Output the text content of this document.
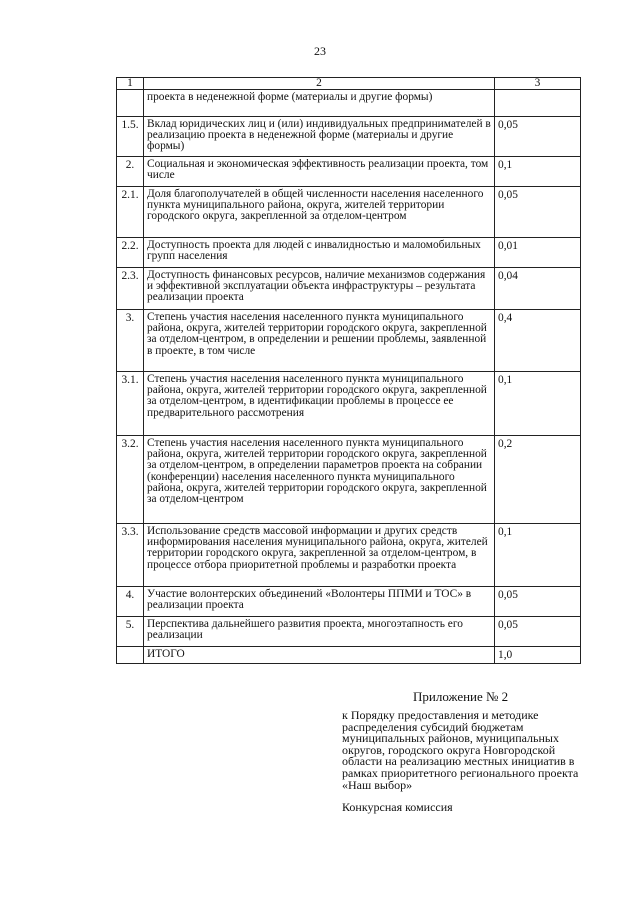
23
1	2	3
	проекта в неденежной форме (материалы и другие формы)	
1.5.	Вклад юридических лиц и (или) индивидуальных предпринимателей в реализацию проекта в неденежной форме (материалы и другие формы)	0,05
2.	Социальная и экономическая эффективность реализации проекта, том числе	0,1
2.1.	Доля благополучателей в общей численности населения населенного пункта муниципального района, округа, жителей территории городского округа, закрепленной за отделом-центром	0,05
2.2.	Доступность проекта для людей с инвалидностью и маломобильных групп населения	0,01
2.3.	Доступность финансовых ресурсов, наличие механизмов содержания и эффективной эксплуатации объекта инфраструктуры – результата реализации проекта	0,04
3.	Степень участия населения населенного пункта муниципального района, округа, жителей территории городского округа, закрепленной за отделом-центром, в определении и решении проблемы, заявленной в проекте, в том числе	0,4
3.1.	Степень участия населения населенного пункта муниципального района, округа, жителей территории городского округа, закрепленной за отделом-центром, в идентификации проблемы в процессе ее предварительного рассмотрения	0,1
3.2.	Степень участия населения населенного пункта муниципального района, округа, жителей территории городского округа, закрепленной за отделом-центром, в определении параметров проекта на собрании (конференции) населения населенного пункта муниципального района, округа, жителей территории городского округа, закрепленной за отделом-центром	0,2
3.3.	Использование средств массовой информации и других средств информирования населения муниципального района, округа, жителей территории городского округа, закрепленной за отделом-центром, в процессе отбора приоритетной проблемы и разработки проекта	0,1
4.	Участие волонтерских объединений «Волонтеры ППМИ и ТОС» в реализации проекта	0,05
5.	Перспектива дальнейшего развития проекта, многоэтапность его реализации	0,05
	ИТОГО	1,0
Приложение № 2
к Порядку предоставления и методике распределения субсидий бюджетам муниципальных районов, муниципальных округов, городского округа Новгородской области на реализацию местных инициатив в рамках приоритетного регионального проекта «Наш выбор»
Конкурсная комиссия
